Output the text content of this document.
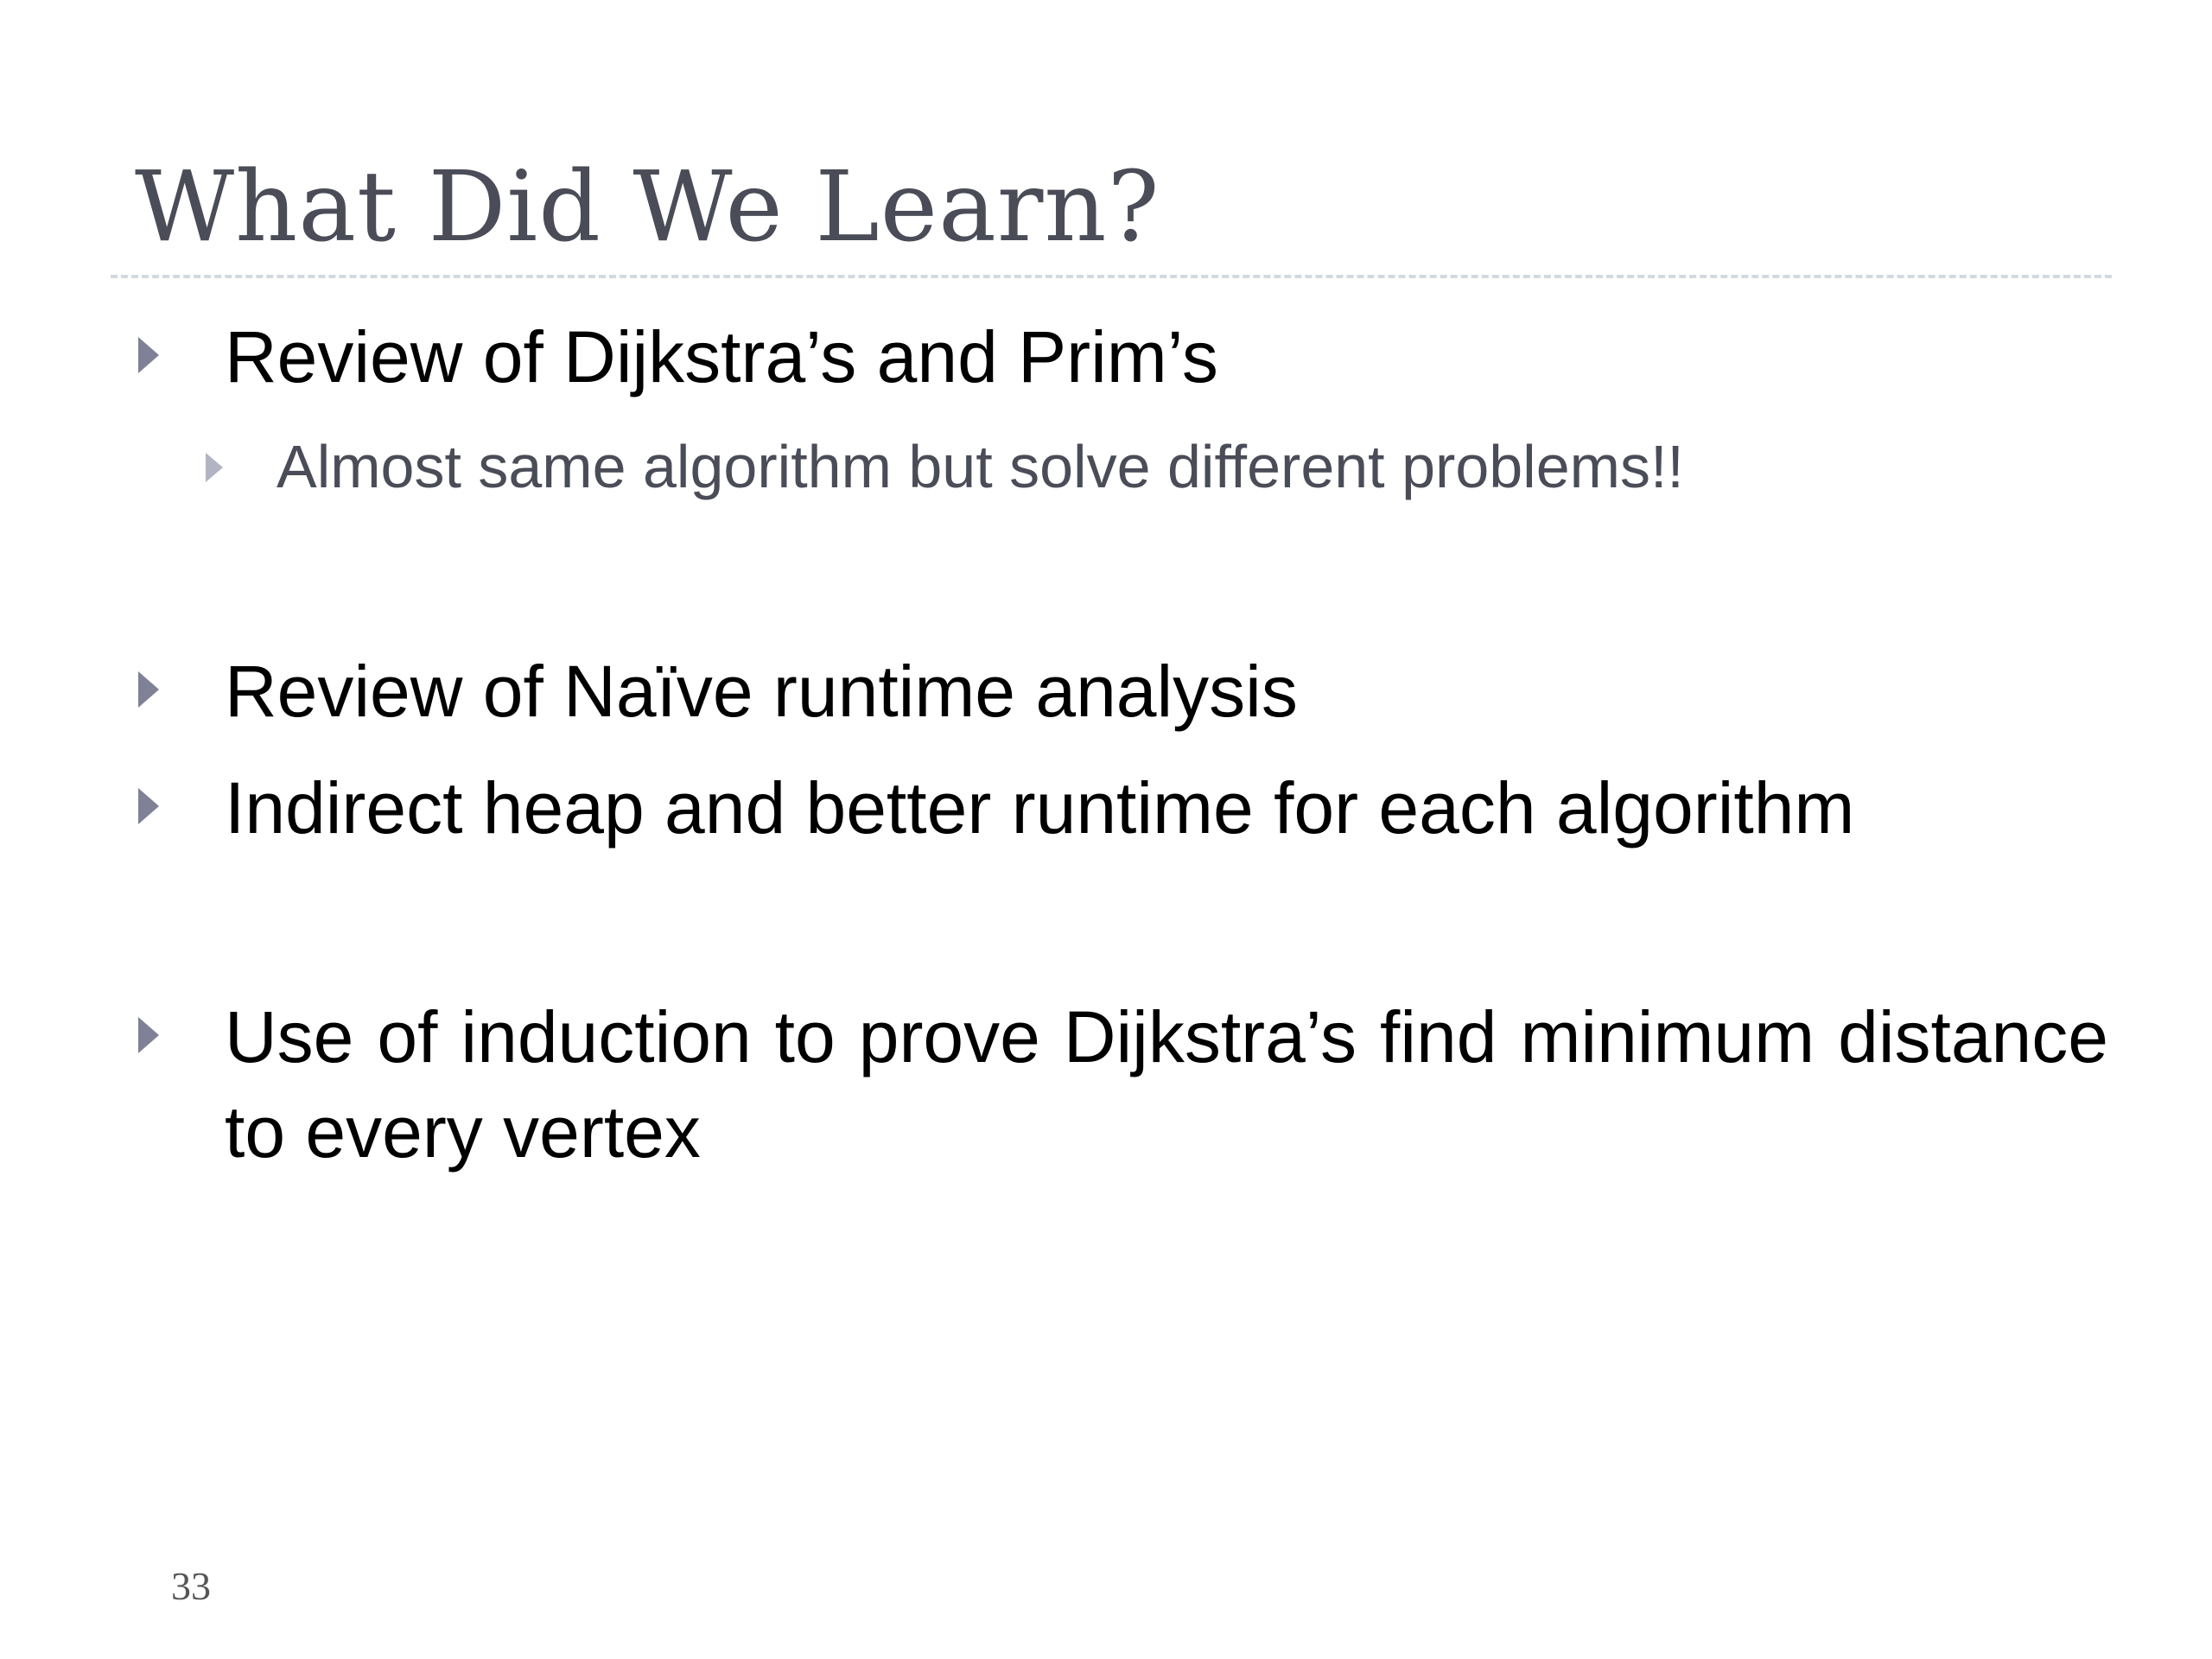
What Did We Learn?
Review of Dijkstra’s and Prim’s
Almost same algorithm but solve different problems!!
Review of Naïve runtime analysis
Indirect heap and better runtime for each algorithm
Use of induction to prove Dijkstra’s find minimum distance to every vertex
33
